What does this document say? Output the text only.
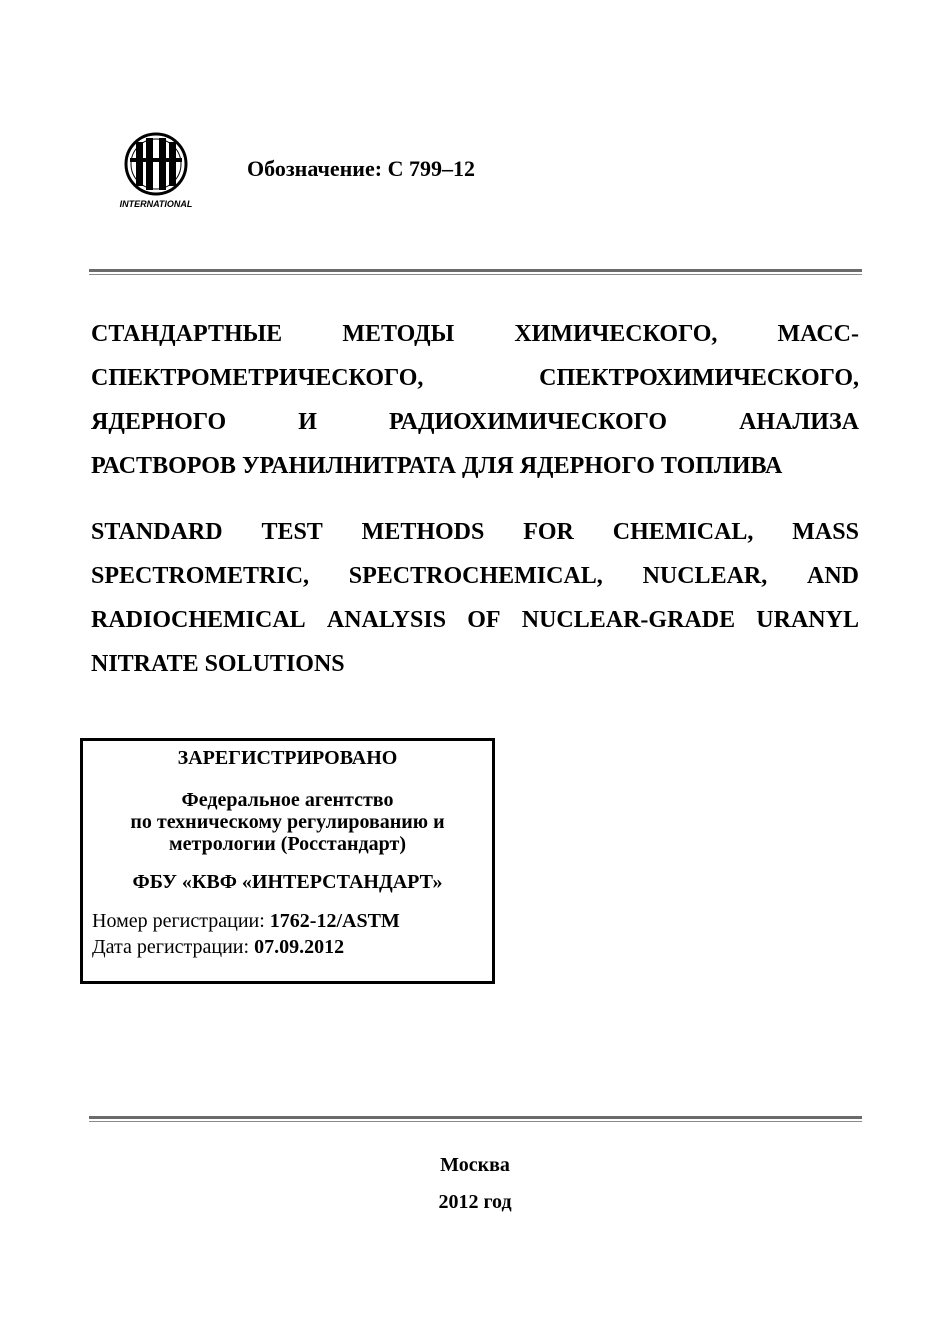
INTERNATIONAL
Обозначение: C 799–12
СТАНДАРТНЫЕ	МЕТОДЫ	ХИМИЧЕСКОГО,	МАСС-
СПЕКТРОМЕТРИЧЕСКОГО,	СПЕКТРОХИМИЧЕСКОГО,
ЯДЕРНОГО	И	РАДИОХИМИЧЕСКОГО	АНАЛИЗА
РАСТВОРОВ УРАНИЛНИТРАТА ДЛЯ ЯДЕРНОГО ТОПЛИВА
STANDARD TEST METHODS FOR CHEMICAL, MASS
SPECTROMETRIC, SPECTROCHEMICAL, NUCLEAR, AND
RADIOCHEMICAL ANALYSIS OF NUCLEAR-GRADE URANYL
NITRATE SOLUTIONS
ЗАРЕГИСТРИРОВАНО
Федеральное агентство
по техническому регулированию и
метрологии (Росстандарт)
ФБУ «КВФ «ИНТЕРСТАНДАРТ»
Номер регистрации: 1762-12/ASTM
Дата регистрации: 07.09.2012
Москва
2012 год
